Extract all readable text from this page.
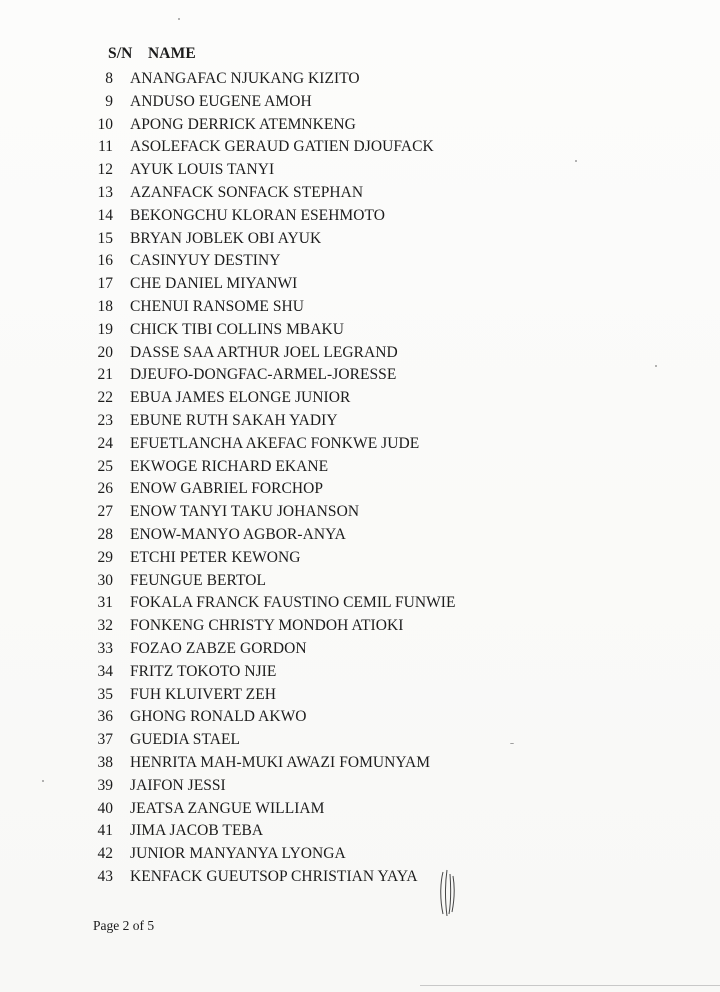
S/N NAME
8 ANANGAFAC NJUKANG KIZITO
9 ANDUSO EUGENE AMOH
10 APONG DERRICK ATEMNKENG
11 ASOLEFACK GERAUD GATIEN DJOUFACK
12 AYUK LOUIS TANYI
13 AZANFACK SONFACK STEPHAN
14 BEKONGCHU KLORAN ESEHMOTO
15 BRYAN JOBLEK OBI AYUK
16 CASINYUY DESTINY
17 CHE DANIEL MIYANWI
18 CHENUI RANSOME SHU
19 CHICK TIBI COLLINS MBAKU
20 DASSE SAA ARTHUR JOEL LEGRAND
21 DJEUFO-DONGFAC-ARMEL-JORESSE
22 EBUA JAMES ELONGE JUNIOR
23 EBUNE RUTH SAKAH YADIY
24 EFUETLANCHA AKEFAC FONKWE JUDE
25 EKWOGE RICHARD EKANE
26 ENOW GABRIEL FORCHOP
27 ENOW TANYI TAKU JOHANSON
28 ENOW-MANYO AGBOR-ANYA
29 ETCHI PETER KEWONG
30 FEUNGUE BERTOL
31 FOKALA FRANCK FAUSTINO CEMIL FUNWIE
32 FONKENG CHRISTY MONDOH ATIOKI
33 FOZAO ZABZE GORDON
34 FRITZ TOKOTO NJIE
35 FUH KLUIVERT ZEH
36 GHONG RONALD AKWO
37 GUEDIA STAEL
38 HENRITA MAH-MUKI AWAZI FOMUNYAM
39 JAIFON JESSI
40 JEATSA ZANGUE WILLIAM
41 JIMA JACOB TEBA
42 JUNIOR MANYANYA LYONGA
43 KENFACK GUEUTSOP CHRISTIAN YAYA
Page 2 of 5
